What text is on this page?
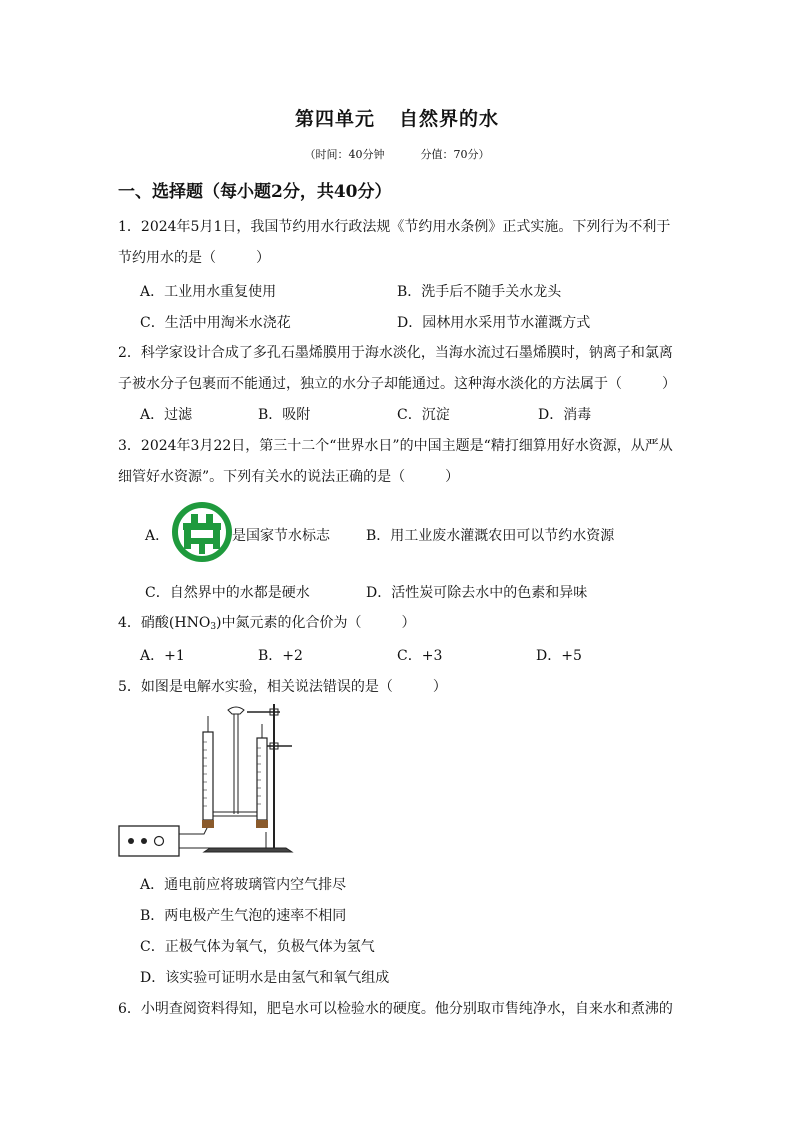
第四单元 自然界的水
（时间：40分钟	分值：70分）
一、选择题（每小题2分，共40分）
1．2024年5月1日，我国节约用水行政法规《节约用水条例》正式实施。下列行为不利于
节约用水的是（	）
A．工业用水重复使用	B．洗手后不随手关水龙头
C．生活中用淘米水浇花	D．园林用水采用节水灌溉方式
2．科学家设计合成了多孔石墨烯膜用于海水淡化，当海水流过石墨烯膜时，钠离子和氯离
子被水分子包裹而不能通过，独立的水分子却能通过。这种海水淡化的方法属于（	）
A．过滤	B．吸附	C．沉淀	D．消毒
3．2024年3月22日，第三十二个“世界水日”的中国主题是“精打细算用好水资源，从严从
细管好水资源”。下列有关水的说法正确的是（	）
A．	是国家节水标志	B．用工业废水灌溉农田可以节约水资源
C．自然界中的水都是硬水	D．活性炭可除去水中的色素和异味
4．硝酸$(HNO_3)$中氮元素的化合价为（	）
A．+1	B．+2	C．+3	D．+5
5．如图是电解水实验，相关说法错误的是（	）
A．通电前应将玻璃管内空气排尽
B．两电极产生气泡的速率不相同
C．正极气体为氧气，负极气体为氢气
D．该实验可证明水是由氢气和氧气组成
6．小明查阅资料得知，肥皂水可以检验水的硬度。他分别取市售纯净水，自来水和煮沸的
